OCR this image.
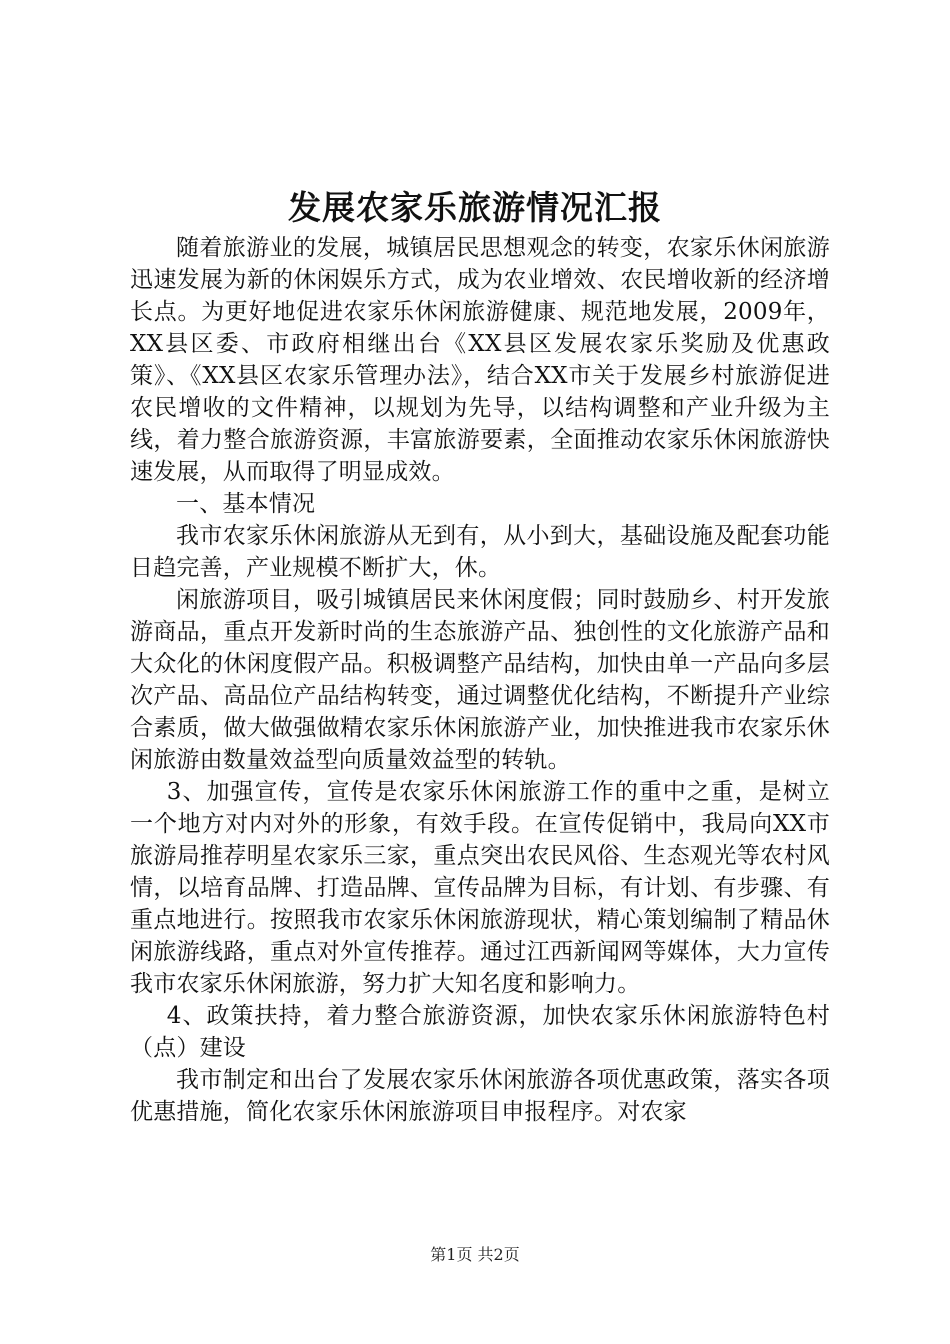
发展农家乐旅游情况汇报

随着旅游业的发展，城镇居民思想观念的转变，农家乐休闲旅游迅速发展为新的休闲娱乐方式，成为农业增效、农民增收新的经济增长点。为更好地促进农家乐休闲旅游健康、规范地发展，2009年，XX县区委、市政府相继出台《XX县区发展农家乐奖励及优惠政策》、《XX县区农家乐管理办法》，结合XX市关于发展乡村旅游促进农民增收的文件精神，以规划为先导，以结构调整和产业升级为主线，着力整合旅游资源，丰富旅游要素，全面推动农家乐休闲旅游快速发展，从而取得了明显成效。

一、基本情况

我市农家乐休闲旅游从无到有，从小到大，基础设施及配套功能日趋完善，产业规模不断扩大，休。

闲旅游项目，吸引城镇居民来休闲度假；同时鼓励乡、村开发旅游商品，重点开发新时尚的生态旅游产品、独创性的文化旅游产品和大众化的休闲度假产品。积极调整产品结构，加快由单一产品向多层次产品、高品位产品结构转变，通过调整优化结构，不断提升产业综合素质，做大做强做精农家乐休闲旅游产业，加快推进我市农家乐休闲旅游由数量效益型向质量效益型的转轨。

3、加强宣传，宣传是农家乐休闲旅游工作的重中之重，是树立一个地方对内对外的形象，有效手段。在宣传促销中，我局向XX市旅游局推荐明星农家乐三家，重点突出农民风俗、生态观光等农村风情，以培育品牌、打造品牌、宣传品牌为目标，有计划、有步骤、有重点地进行。按照我市农家乐休闲旅游现状，精心策划编制了精品休闲旅游线路，重点对外宣传推荐。通过江西新闻网等媒体，大力宣传我市农家乐休闲旅游，努力扩大知名度和影响力。

4、政策扶持，着力整合旅游资源，加快农家乐休闲旅游特色村（点）建设

我市制定和出台了发展农家乐休闲旅游各项优惠政策，落实各项优惠措施，简化农家乐休闲旅游项目申报程序。对农家

第1页 共2页
